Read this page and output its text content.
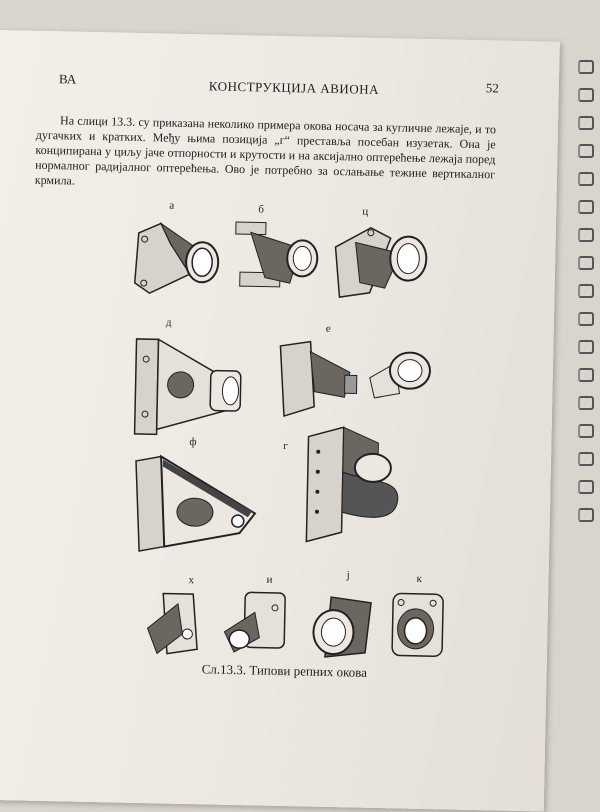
ВА	КОНСТРУКЦИЈА АВИОНА	52

На слици 13.3. су приказана неколико примера окова носача за кугличне лежаје, и то дугачких и кратких. Међу њима позиција „г“ преставља посебан изузетак. Она је конципирана у циљу јаче отпорности и крутости и на аксијално оптерећење лежаја поред нормалног радијалног оптерећења. Ово је потребно за ослањање тежине вертикалног крмила.

а	б	ц
д
е
ф	г
х	и	ј	к
Сл.13.3. Типови репних окова
